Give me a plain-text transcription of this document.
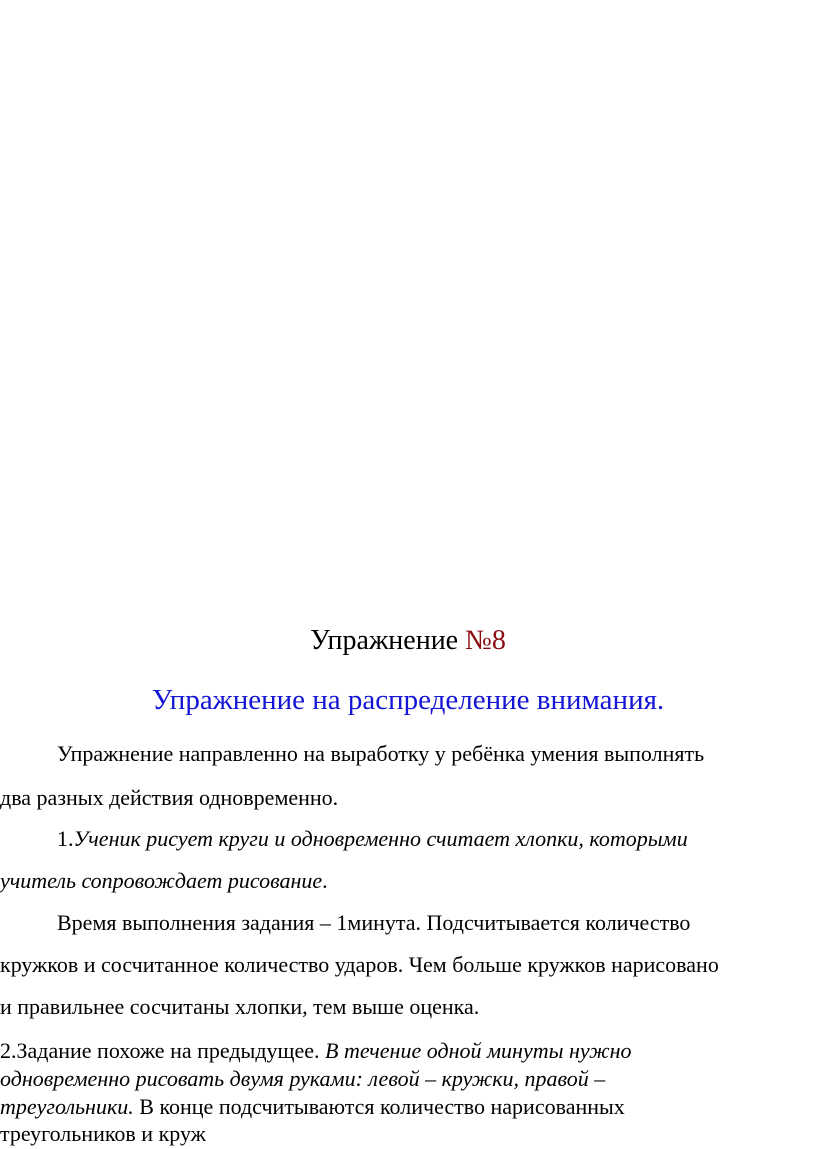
Упражнение №8
Упражнение на распределение внимания.
Упражнение направленно на выработку у ребёнка умения выполнять
два разных действия одновременно.
1.Ученик рисует круги и одновременно считает хлопки, которыми
учитель сопровождает рисование.
Время выполнения задания – 1минута. Подсчитывается количество
кружков и сосчитанное количество ударов. Чем больше кружков нарисовано
и правильнее сосчитаны хлопки, тем выше оценка.
2.Задание похоже на предыдущее. В течение одной минуты нужно
одновременно рисовать двумя руками: левой – кружки, правой –
треугольники. В конце подсчитываются количество нарисованных
треугольников и круж
